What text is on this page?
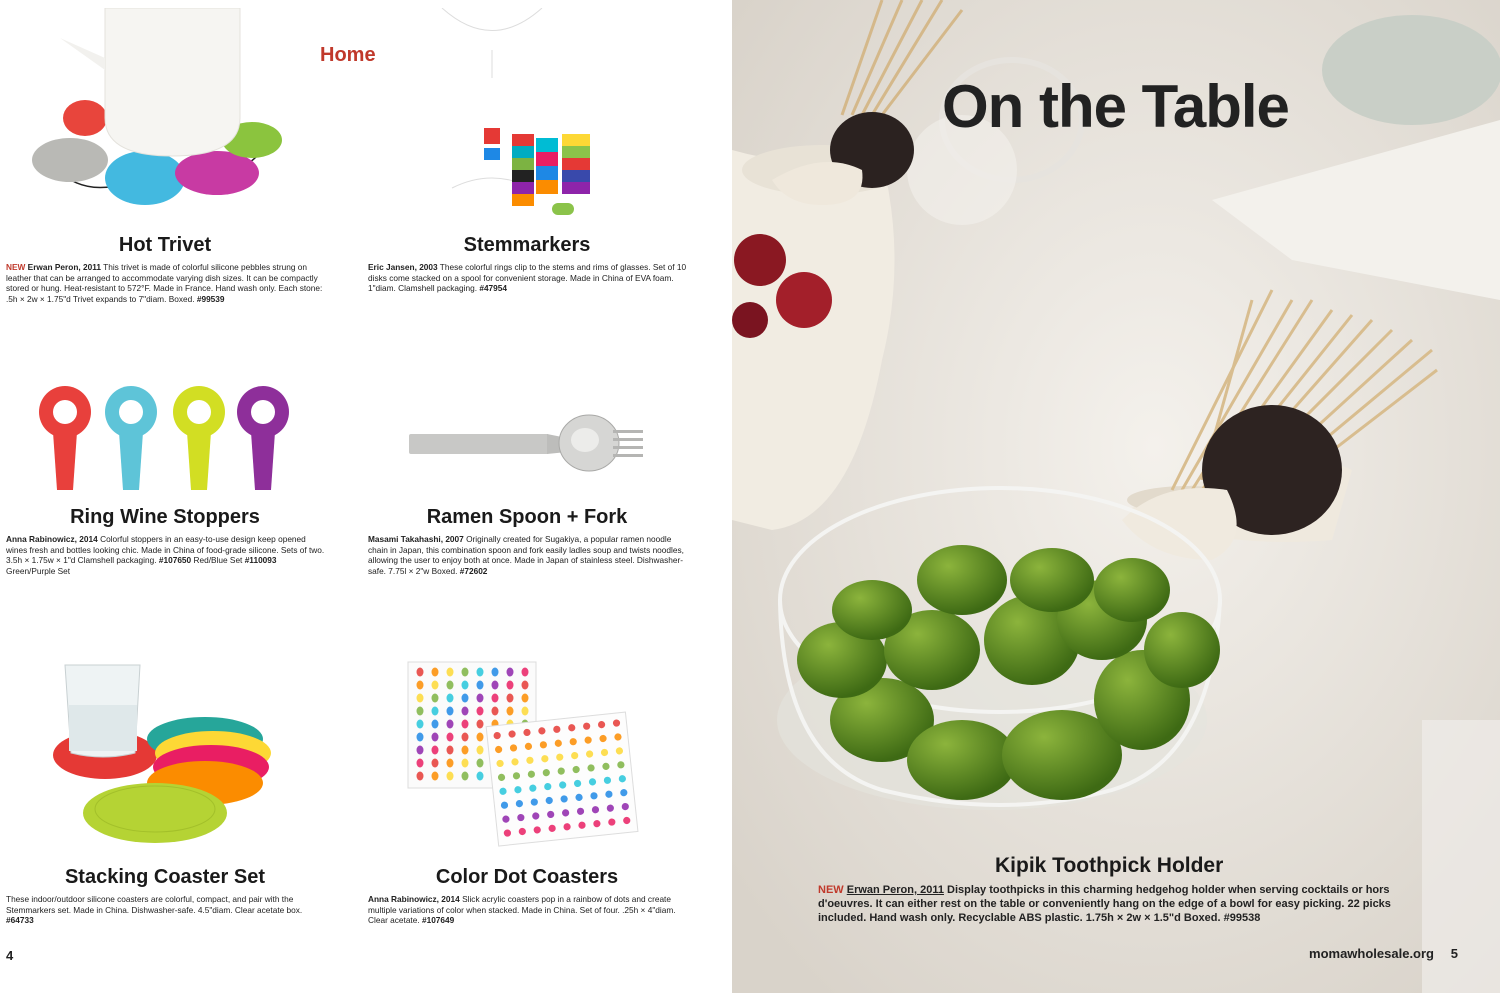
Home
Hot Trivet
NEW Erwan Peron, 2011 This trivet is made of colorful silicone pebbles strung on leather that can be arranged to accommodate varying dish sizes. It can be compactly stored or hung. Heat-resistant to 572°F. Made in France. Hand wash only. Each stone: .5h × 2w × 1.75"d Trivet expands to 7"diam. Boxed. #99539
Stemmarkers
Eric Jansen, 2003 These colorful rings clip to the stems and rims of glasses. Set of 10 disks come stacked on a spool for convenient storage. Made in China of EVA foam. 1"diam. Clamshell packaging. #47954
Ring Wine Stoppers
Anna Rabinowicz, 2014 Colorful stoppers in an easy-to-use design keep opened wines fresh and bottles looking chic. Made in China of food-grade silicone. Sets of two. 3.5h × 1.75w × 1"d Clamshell packaging. #107650 Red/Blue Set #110093 Green/Purple Set
Ramen Spoon + Fork
Masami Takahashi, 2007 Originally created for Sugakiya, a popular ramen noodle chain in Japan, this combination spoon and fork easily ladles soup and twists noodles, allowing the user to enjoy both at once. Made in Japan of stainless steel. Dishwasher-safe. 7.75l × 2"w Boxed. #72602
Stacking Coaster Set
These indoor/outdoor silicone coasters are colorful, compact, and pair with the Stemmarkers set. Made in China. Dishwasher-safe. 4.5"diam. Clear acetate box. #64733
Color Dot Coasters
Anna Rabinowicz, 2014 Slick acrylic coasters pop in a rainbow of dots and create multiple variations of color when stacked. Made in China. Set of four. .25h × 4"diam. Clear acetate. #107649
4
On the Table
Kipik Toothpick Holder
NEW Erwan Peron, 2011 Display toothpicks in this charming hedgehog holder when serving cocktails or hors d'oeuvres. It can either rest on the table or conveniently hang on the edge of a bowl for easy picking. 22 picks included. Hand wash only. Recyclable ABS plastic. 1.75h × 2w × 1.5"d Boxed. #99538
momawholesale.org 5
